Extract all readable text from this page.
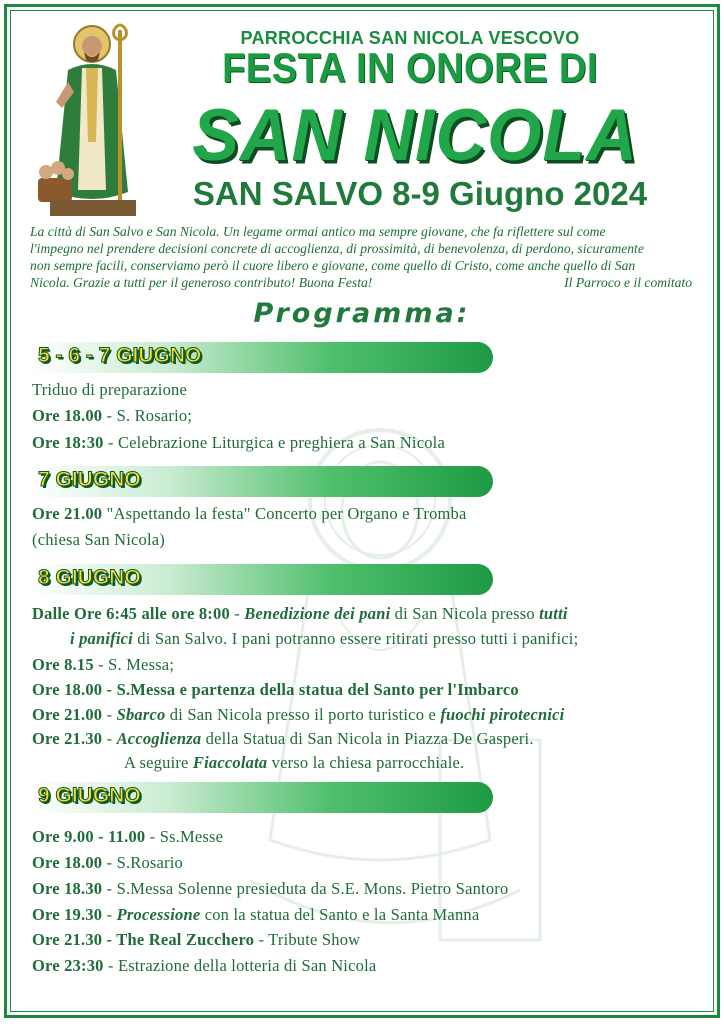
PARROCCHIA SAN NICOLA VESCOVO
FESTA IN ONORE DI
SAN NICOLA
SAN SALVO 8-9 Giugno 2024
La città di San Salvo e San Nicola. Un legame ormai antico ma sempre giovane, che fa riflettere sul come
l'impegno nel prendere decisioni concrete di accoglienza, di prossimità, di benevolenza, di perdono, sicuramente
non sempre facili, conserviamo però il cuore libero e giovane, come quello di Cristo, come anche quello di San
Nicola. Grazie a tutti per il generoso contributo! Buona Festa!	Il Parroco e il comitato
Programma:
5 - 6 - 7 GIUGNO
Triduo di preparazione
Ore 18.00 - S. Rosario;
Ore 18:30 - Celebrazione Liturgica e preghiera a San Nicola
7 GIUGNO
Ore 21.00 "Aspettando la festa" Concerto per Organo e Tromba
(chiesa San Nicola)
8 GIUGNO
Dalle Ore 6:45 alle ore 8:00 - Benedizione dei pani di San Nicola presso tutti
i panifici di San Salvo. I pani potranno essere ritirati presso tutti i panifici;
Ore 8.15 - S. Messa;
Ore 18.00 - S.Messa e partenza della statua del Santo per l'Imbarco
Ore 21.00 - Sbarco di San Nicola presso il porto turistico e fuochi pirotecnici
Ore 21.30 - Accoglienza della Statua di San Nicola in Piazza De Gasperi.
A seguire Fiaccolata verso la chiesa parrocchiale.
9 GIUGNO
Ore 9.00 - 11.00 - Ss.Messe
Ore 18.00 - S.Rosario
Ore 18.30 - S.Messa Solenne presieduta da S.E. Mons. Pietro Santoro
Ore 19.30 - Processione con la statua del Santo e la Santa Manna
Ore 21.30 - The Real Zucchero - Tribute Show
Ore 23:30 - Estrazione della lotteria di San Nicola
